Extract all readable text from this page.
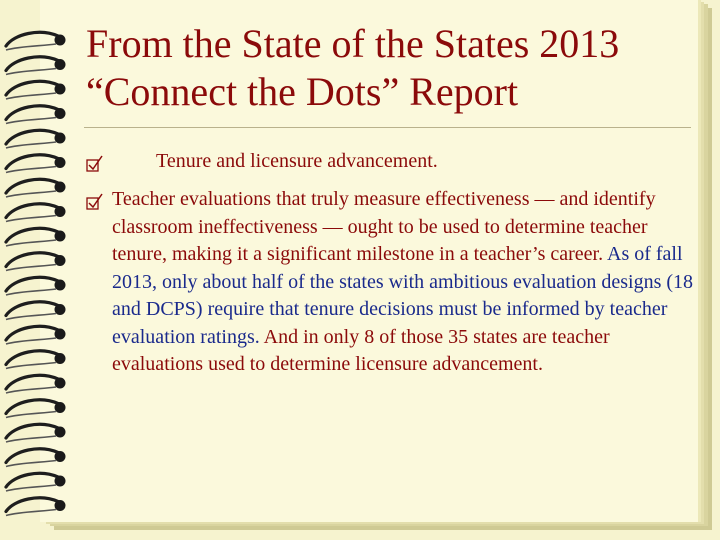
From the State of the States 2013
“Connect the Dots” Report
Tenure and licensure advancement.
Teacher evaluations that truly measure effectiveness — and identify classroom ineffectiveness — ought to be used to determine teacher tenure, making it a significant milestone in a teacher’s career. As of fall 2013, only about half of the states with ambitious evaluation designs (18 and DCPS) require that tenure decisions must be informed by teacher evaluation ratings. And in only 8 of those 35 states are teacher evaluations used to determine licensure advancement.
